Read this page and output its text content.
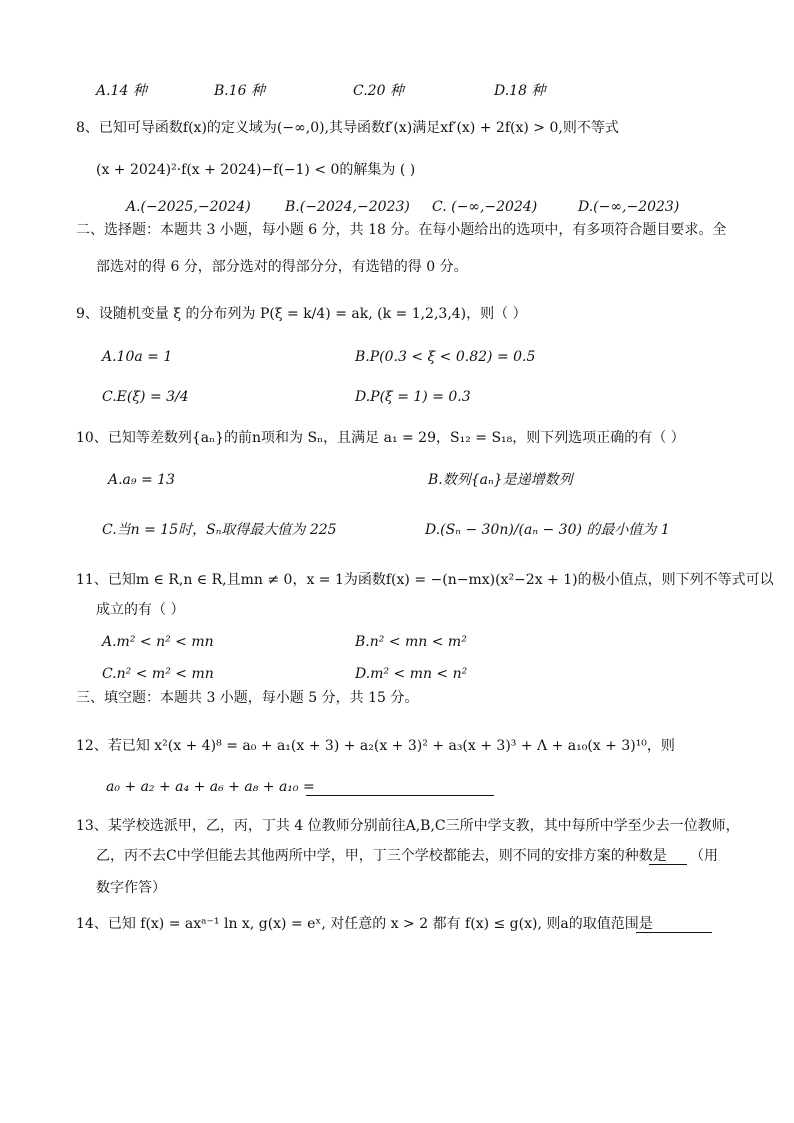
A.14 种	B.16 种	C.20 种	D.18 种
8、已知可导函数f(x)的定义域为(−∞,0),其导函数f′(x)满足xf′(x) + 2f(x) > 0,则不等式
(x + 2024)²·f(x + 2024)−f(−1) < 0的解集为 ( )
A.(−2025,−2024) B.(−2024,−2023) C. (−∞,−2024)	D.(−∞,−2023)
二、选择题：本题共 3 小题，每小题 6 分，共 18 分。在每小题给出的选项中，有多项符合题目要求。全
部选对的得 6 分，部分选对的得部分分，有选错的得 0 分。
9、设随机变量 ξ 的分布列为 P(ξ = k/4) = ak, (k = 1,2,3,4)，则（ ）
A.10a = 1	B.P(0.3 < ξ < 0.82) = 0.5
C.E(ξ) = 3/4	D.P(ξ = 1) = 0.3
10、已知等差数列{aₙ}的前n项和为 Sₙ，且满足 a₁ = 29，S₁₂ = S₁₈，则下列选项正确的有（ ）
A.a₉ = 13	B.数列{aₙ}是递增数列
C.当n = 15时，Sₙ取得最大值为 225	D.(Sₙ − 30n)/(aₙ − 30) 的最小值为 1
11、已知m ∈ R,n ∈ R,且mn ≠ 0，x = 1为函数f(x) = −(n−mx)(x²−2x + 1)的极小值点，则下列不等式可以
成立的有（ ）
A.m² < n² < mn	B.n² < mn < m²
C.n² < m² < mn	D.m² < mn < n²
三、填空题：本题共 3 小题，每小题 5 分，共 15 分。
12、若已知 x²(x + 4)⁸ = a₀ + a₁(x + 3) + a₂(x + 3)² + a₃(x + 3)³ + Λ + a₁₀(x + 3)¹⁰，则
a₀ + a₂ + a₄ + a₆ + a₈ + a₁₀ =
13、某学校选派甲，乙，丙，丁共 4 位教师分别前往A,B,C三所中学支教，其中每所中学至少去一位教师，
乙，丙不去C中学但能去其他两所中学，甲，丁三个学校都能去，则不同的安排方案的种数是 （用
数字作答）
14、已知 f(x) = axᵃ⁻¹ ln x, g(x) = eˣ, 对任意的 x > 2 都有 f(x) ≤ g(x), 则a的取值范围是
